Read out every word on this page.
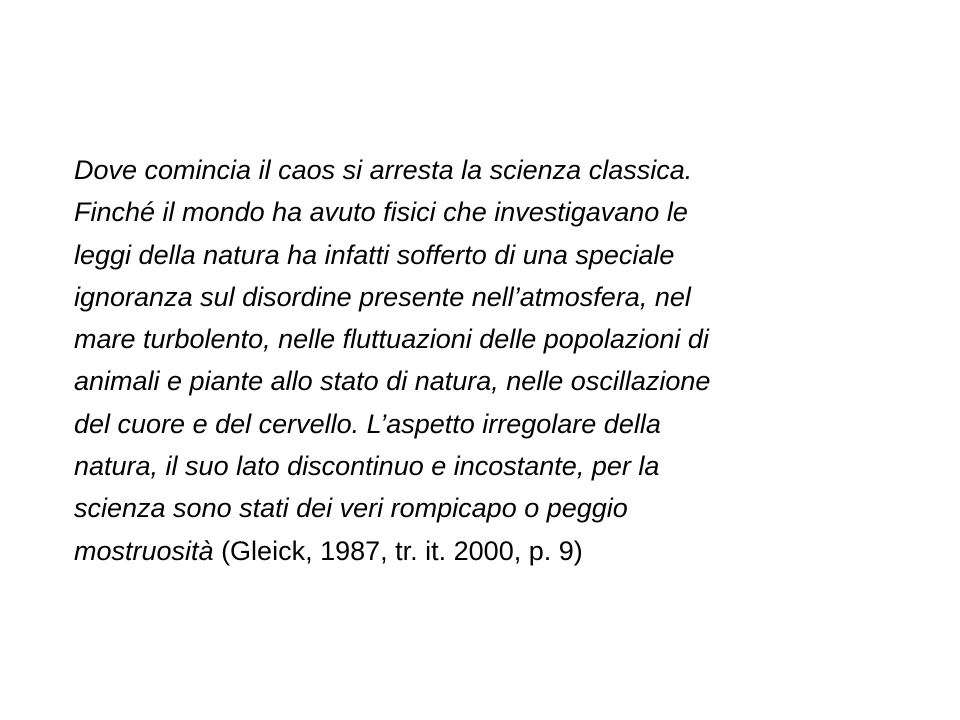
Dove comincia il caos si arresta la scienza classica.
Finché il mondo ha avuto fisici che investigavano le
leggi della natura ha infatti sofferto di una speciale
ignoranza sul disordine presente nell’atmosfera, nel
mare turbolento, nelle fluttuazioni delle popolazioni di
animali e piante allo stato di natura, nelle oscillazione
del cuore e del cervello. L’aspetto irregolare della
natura, il suo lato discontinuo e incostante, per la
scienza sono stati dei veri rompicapo o peggio
mostruosità (Gleick, 1987, tr. it. 2000, p. 9)
